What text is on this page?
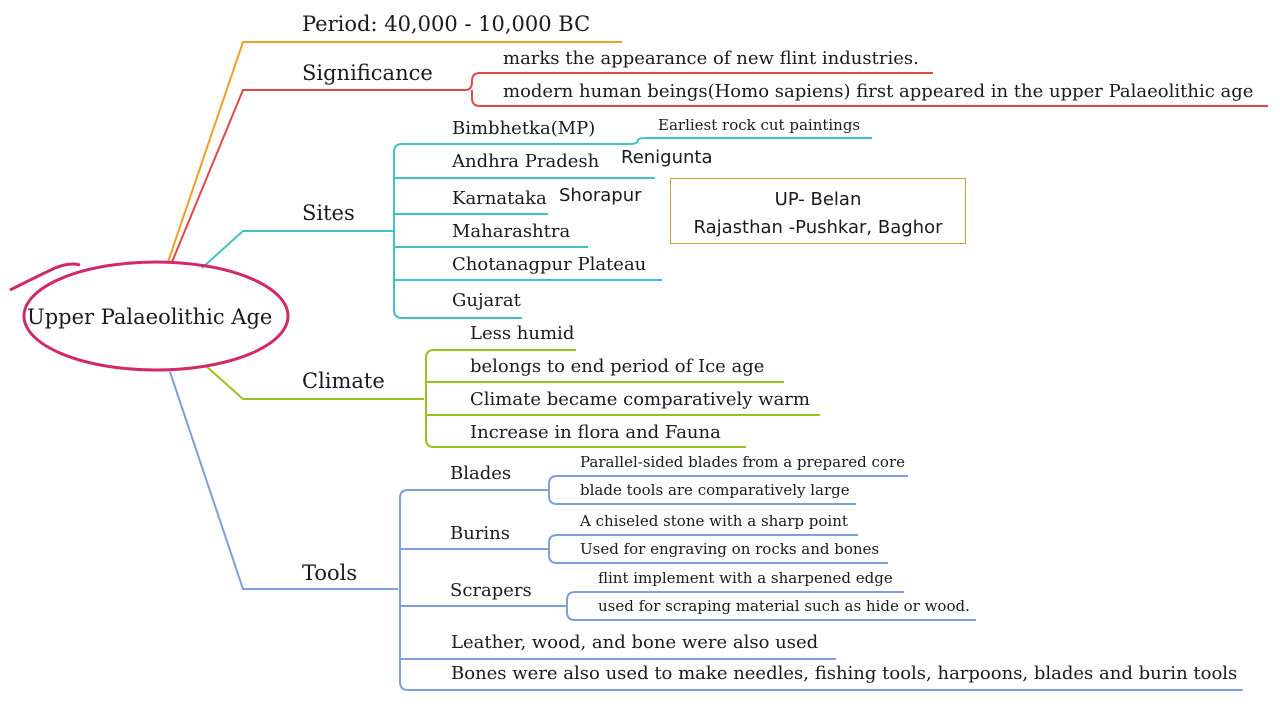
Upper Palaeolithic Age
Period: 40,000 - 10,000 BC
Significance
marks the appearance of new flint industries.
modern human beings(Homo sapiens) first appeared in the upper Palaeolithic age
Sites
Bimbhetka(MP)	Earliest rock cut paintings
Andhra Pradesh Renigunta
Karnataka Shorapur
Maharashtra
Chotanagpur Plateau
Gujarat
UP- Belan
Rajasthan -Pushkar, Baghor
Climate
Less humid
belongs to end period of Ice age
Climate became comparatively warm
Increase in flora and Fauna
Tools
Blades
Parallel-sided blades from a prepared core
blade tools are comparatively large
Burins
A chiseled stone with a sharp point
Used for engraving on rocks and bones
Scrapers
flint implement with a sharpened edge
used for scraping material such as hide or wood.
Leather, wood, and bone were also used
Bones were also used to make needles, fishing tools, harpoons, blades and burin tools
